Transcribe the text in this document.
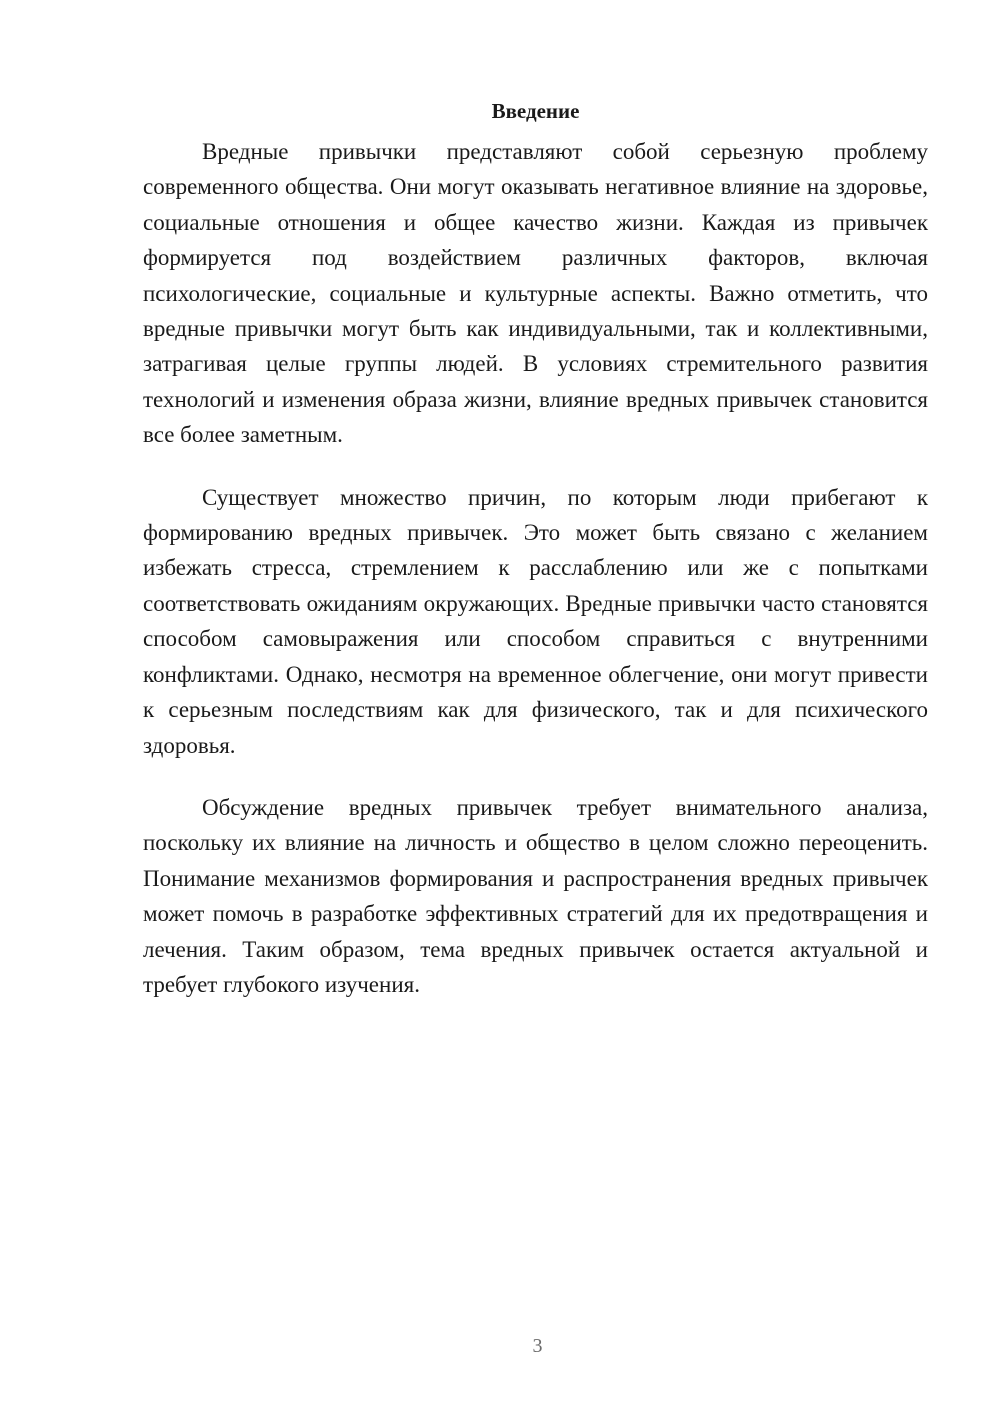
Введение

Вредные привычки представляют собой серьезную проблему современного общества. Они могут оказывать негативное влияние на здоровье, социальные отношения и общее качество жизни. Каждая из привычек формируется под воздействием различных факторов, включая психологические, социальные и культурные аспекты. Важно отметить, что вредные привычки могут быть как индивидуальными, так и коллективными, затрагивая целые группы людей. В условиях стремительного развития технологий и изменения образа жизни, влияние вредных привычек становится все более заметным.

Существует множество причин, по которым люди прибегают к формированию вредных привычек. Это может быть связано с желанием избежать стресса, стремлением к расслаблению или же с попытками соответствовать ожиданиям окружающих. Вредные привычки часто становятся способом самовыражения или способом справиться с внутренними конфликтами. Однако, несмотря на временное облегчение, они могут привести к серьезным последствиям как для физического, так и для психического здоровья.

Обсуждение вредных привычек требует внимательного анализа, поскольку их влияние на личность и общество в целом сложно переоценить. Понимание механизмов формирования и распространения вредных привычек может помочь в разработке эффективных стратегий для их предотвращения и лечения. Таким образом, тема вредных привычек остается актуальной и требует глубокого изучения.

3
